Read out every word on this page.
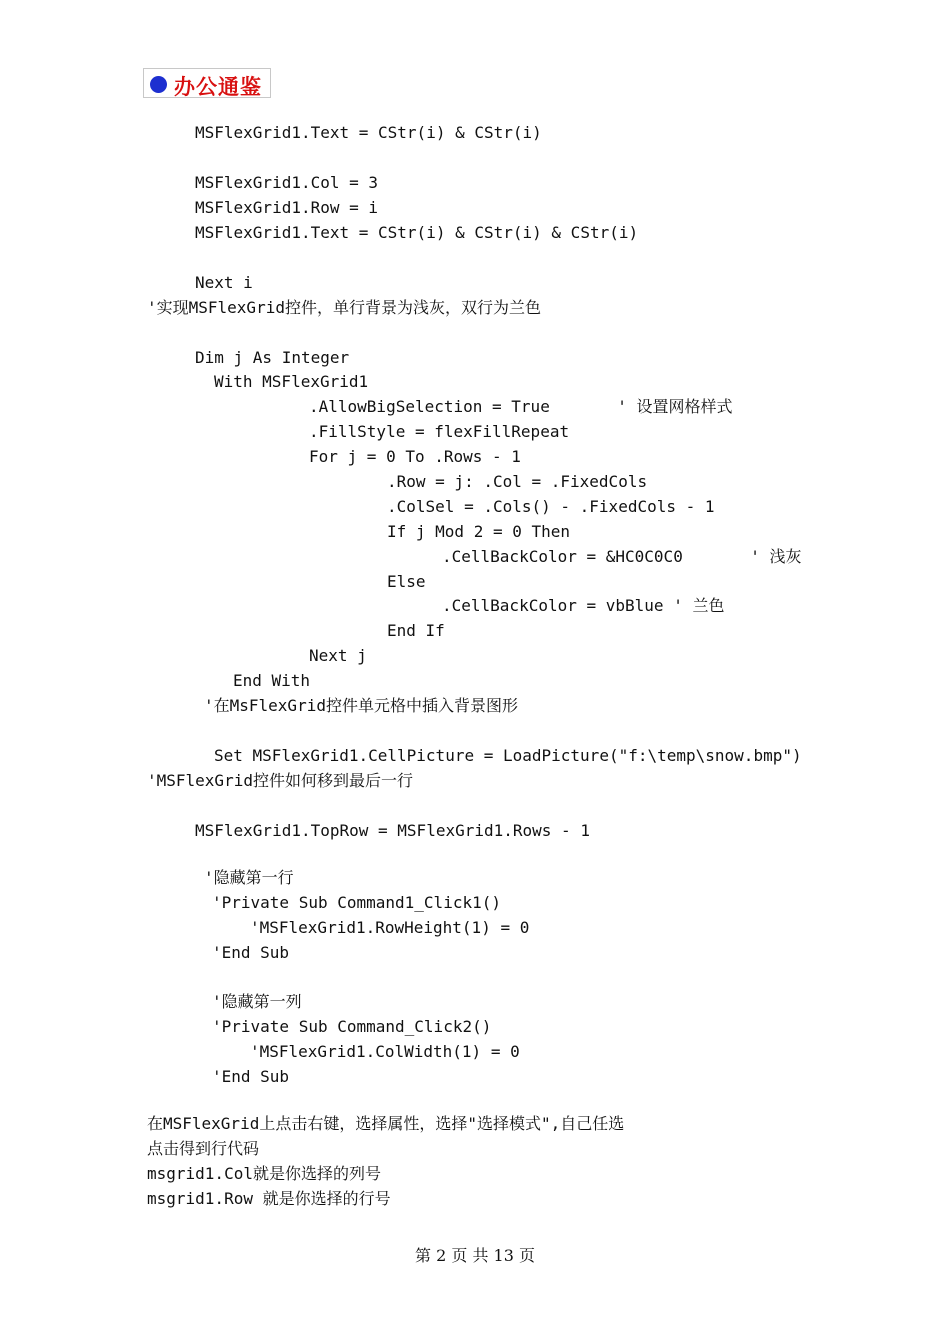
办公通鉴
MSFlexGrid1.Text = CStr(i) & CStr(i)
MSFlexGrid1.Col = 3
MSFlexGrid1.Row = i
MSFlexGrid1.Text = CStr(i) & CStr(i) & CStr(i)
Next i
'实现MSFlexGrid控件，单行背景为浅灰，双行为兰色
Dim j As Integer
With MSFlexGrid1
.AllowBigSelection = True       ' 设置网格样式
.FillStyle = flexFillRepeat
For j = 0 To .Rows - 1
.Row = j: .Col = .FixedCols
.ColSel = .Cols() - .FixedCols - 1
If j Mod 2 = 0 Then
.CellBackColor = &HC0C0C0       ' 浅灰
Else
.CellBackColor = vbBlue ' 兰色
End If
Next j
End With
'在MsFlexGrid控件单元格中插入背景图形
Set MSFlexGrid1.CellPicture = LoadPicture("f:\temp\snow.bmp")
'MSFlexGrid控件如何移到最后一行
MSFlexGrid1.TopRow = MSFlexGrid1.Rows - 1
'隐藏第一行
'Private Sub Command1_Click1()
'MSFlexGrid1.RowHeight(1) = 0
'End Sub
'隐藏第一列
'Private Sub Command_Click2()
'MSFlexGrid1.ColWidth(1) = 0
'End Sub
在MSFlexGrid上点击右键，选择属性，选择"选择模式",自己任选
点击得到行代码
msgrid1.Col就是你选择的列号
msgrid1.Row 就是你选择的行号
第 2 页 共 13 页
